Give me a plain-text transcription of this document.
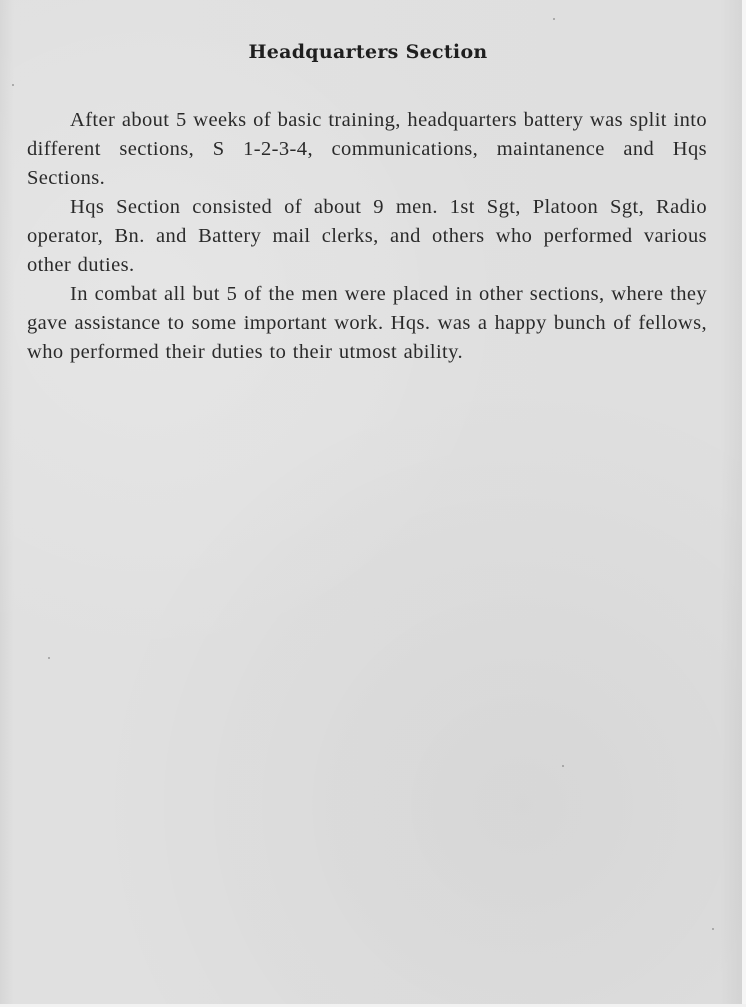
Headquarters Section

After about 5 weeks of basic training, headquarters battery was split into different sections, S 1-2-3-4, communications, maintanence and Hqs Sections.

Hqs Section consisted of about 9 men. 1st Sgt, Platoon Sgt, Radio operator, Bn. and Battery mail clerks, and others who performed various other duties.

In combat all but 5 of the men were placed in other sections, where they gave assistance to some important work. Hqs. was a happy bunch of fellows, who performed their duties to their utmost ability.
